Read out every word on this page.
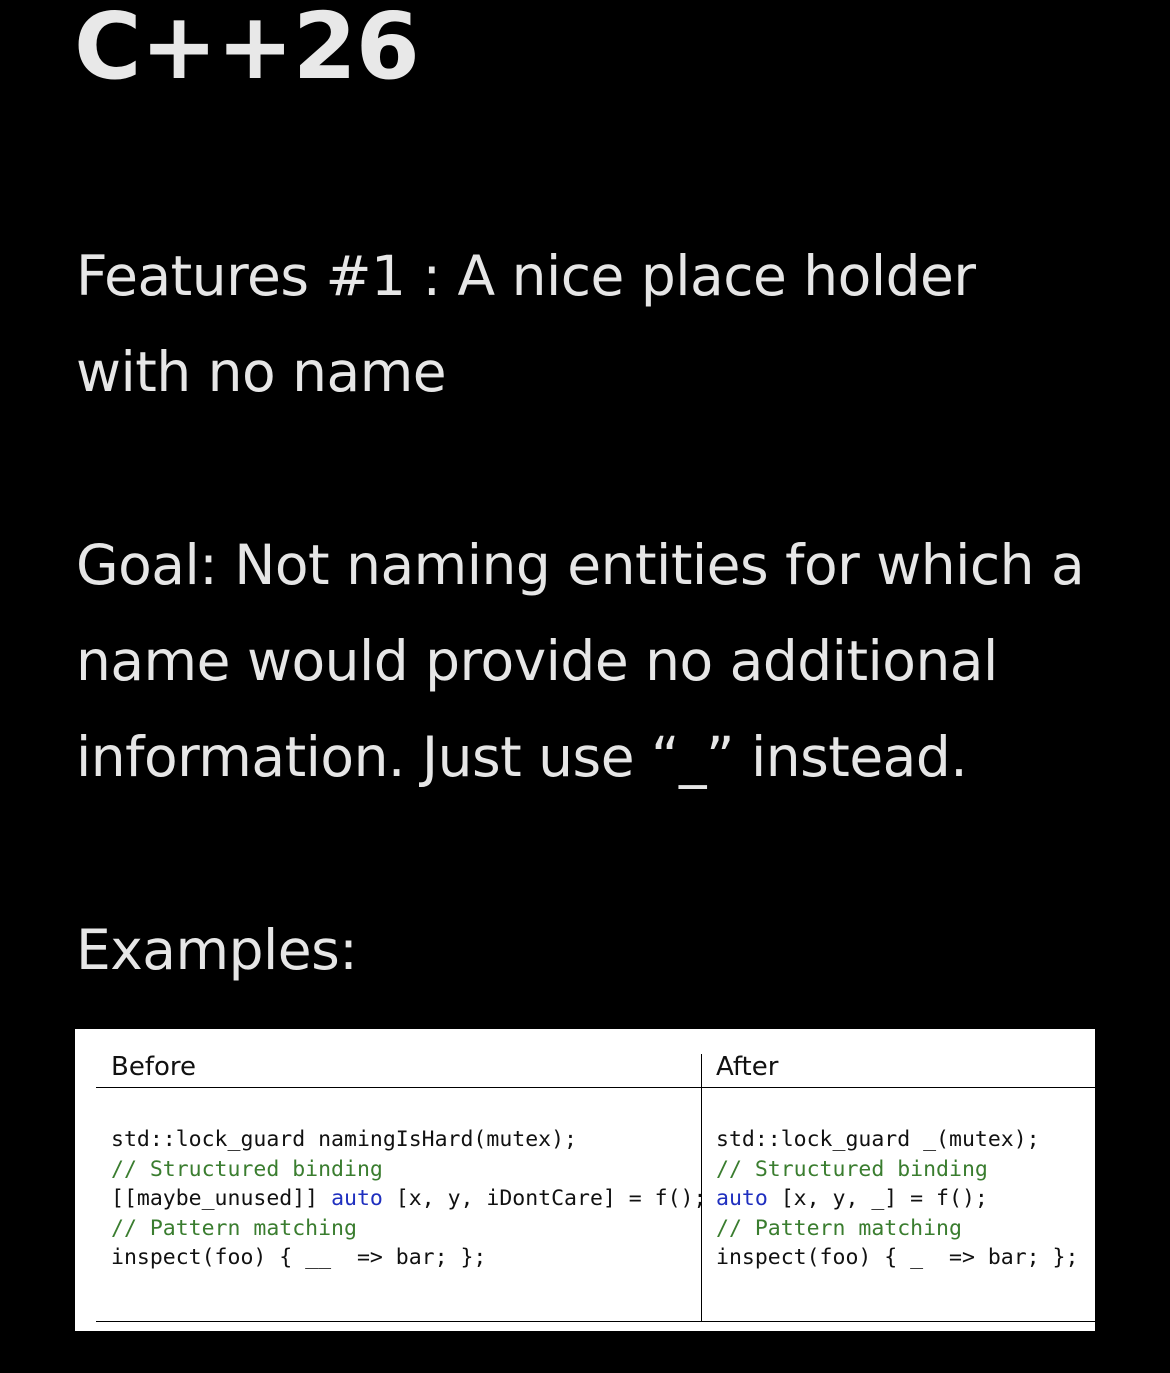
C++26

Features #1 : A nice place holder
with no name

Goal: Not naming entities for which a
name would provide no additional
information. Just use “_” instead.

Examples:

Before	After
std::lock_guard namingIsHard(mutex);
// Structured binding
[[maybe_unused]] auto [x, y, iDontCare] = f();
// Pattern matching
inspect(foo) { __  => bar; };
std::lock_guard _(mutex);
// Structured binding
auto [x, y, _] = f();
// Pattern matching
inspect(foo) { _  => bar; };
